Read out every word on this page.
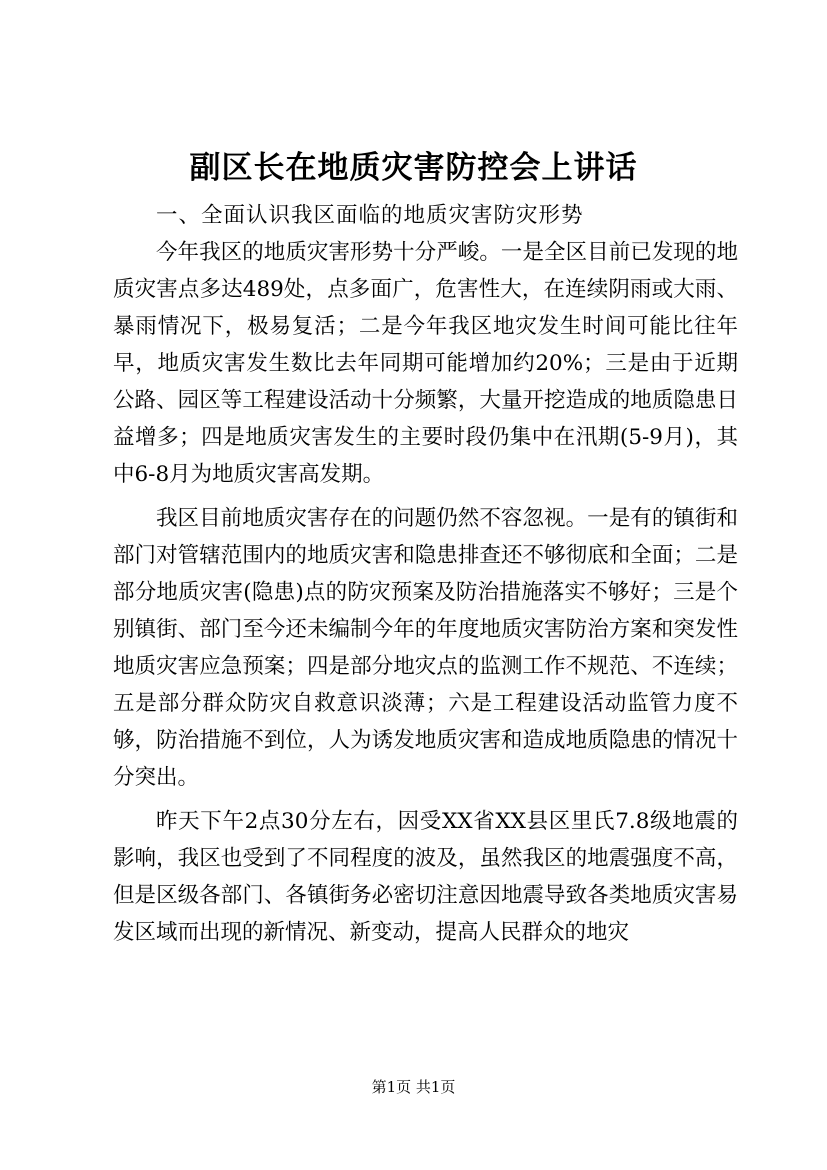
副区长在地质灾害防控会上讲话

一、全面认识我区面临的地质灾害防灾形势

今年我区的地质灾害形势十分严峻。一是全区目前已发现的地质灾害点多达489处，点多面广，危害性大，在连续阴雨或大雨、暴雨情况下，极易复活；二是今年我区地灾发生时间可能比往年早，地质灾害发生数比去年同期可能增加约20%；三是由于近期公路、园区等工程建设活动十分频繁，大量开挖造成的地质隐患日益增多；四是地质灾害发生的主要时段仍集中在汛期(5-9月)，其中6-8月为地质灾害高发期。

我区目前地质灾害存在的问题仍然不容忽视。一是有的镇街和部门对管辖范围内的地质灾害和隐患排查还不够彻底和全面；二是部分地质灾害(隐患)点的防灾预案及防治措施落实不够好；三是个别镇街、部门至今还未编制今年的年度地质灾害防治方案和突发性地质灾害应急预案；四是部分地灾点的监测工作不规范、不连续；五是部分群众防灾自救意识淡薄；六是工程建设活动监管力度不够，防治措施不到位，人为诱发地质灾害和造成地质隐患的情况十分突出。

昨天下午2点30分左右，因受XX省XX县区里氏7.8级地震的影响，我区也受到了不同程度的波及，虽然我区的地震强度不高，但是区级各部门、各镇街务必密切注意因地震导致各类地质灾害易发区域而出现的新情况、新变动，提高人民群众的地灾

第1页 共1页
